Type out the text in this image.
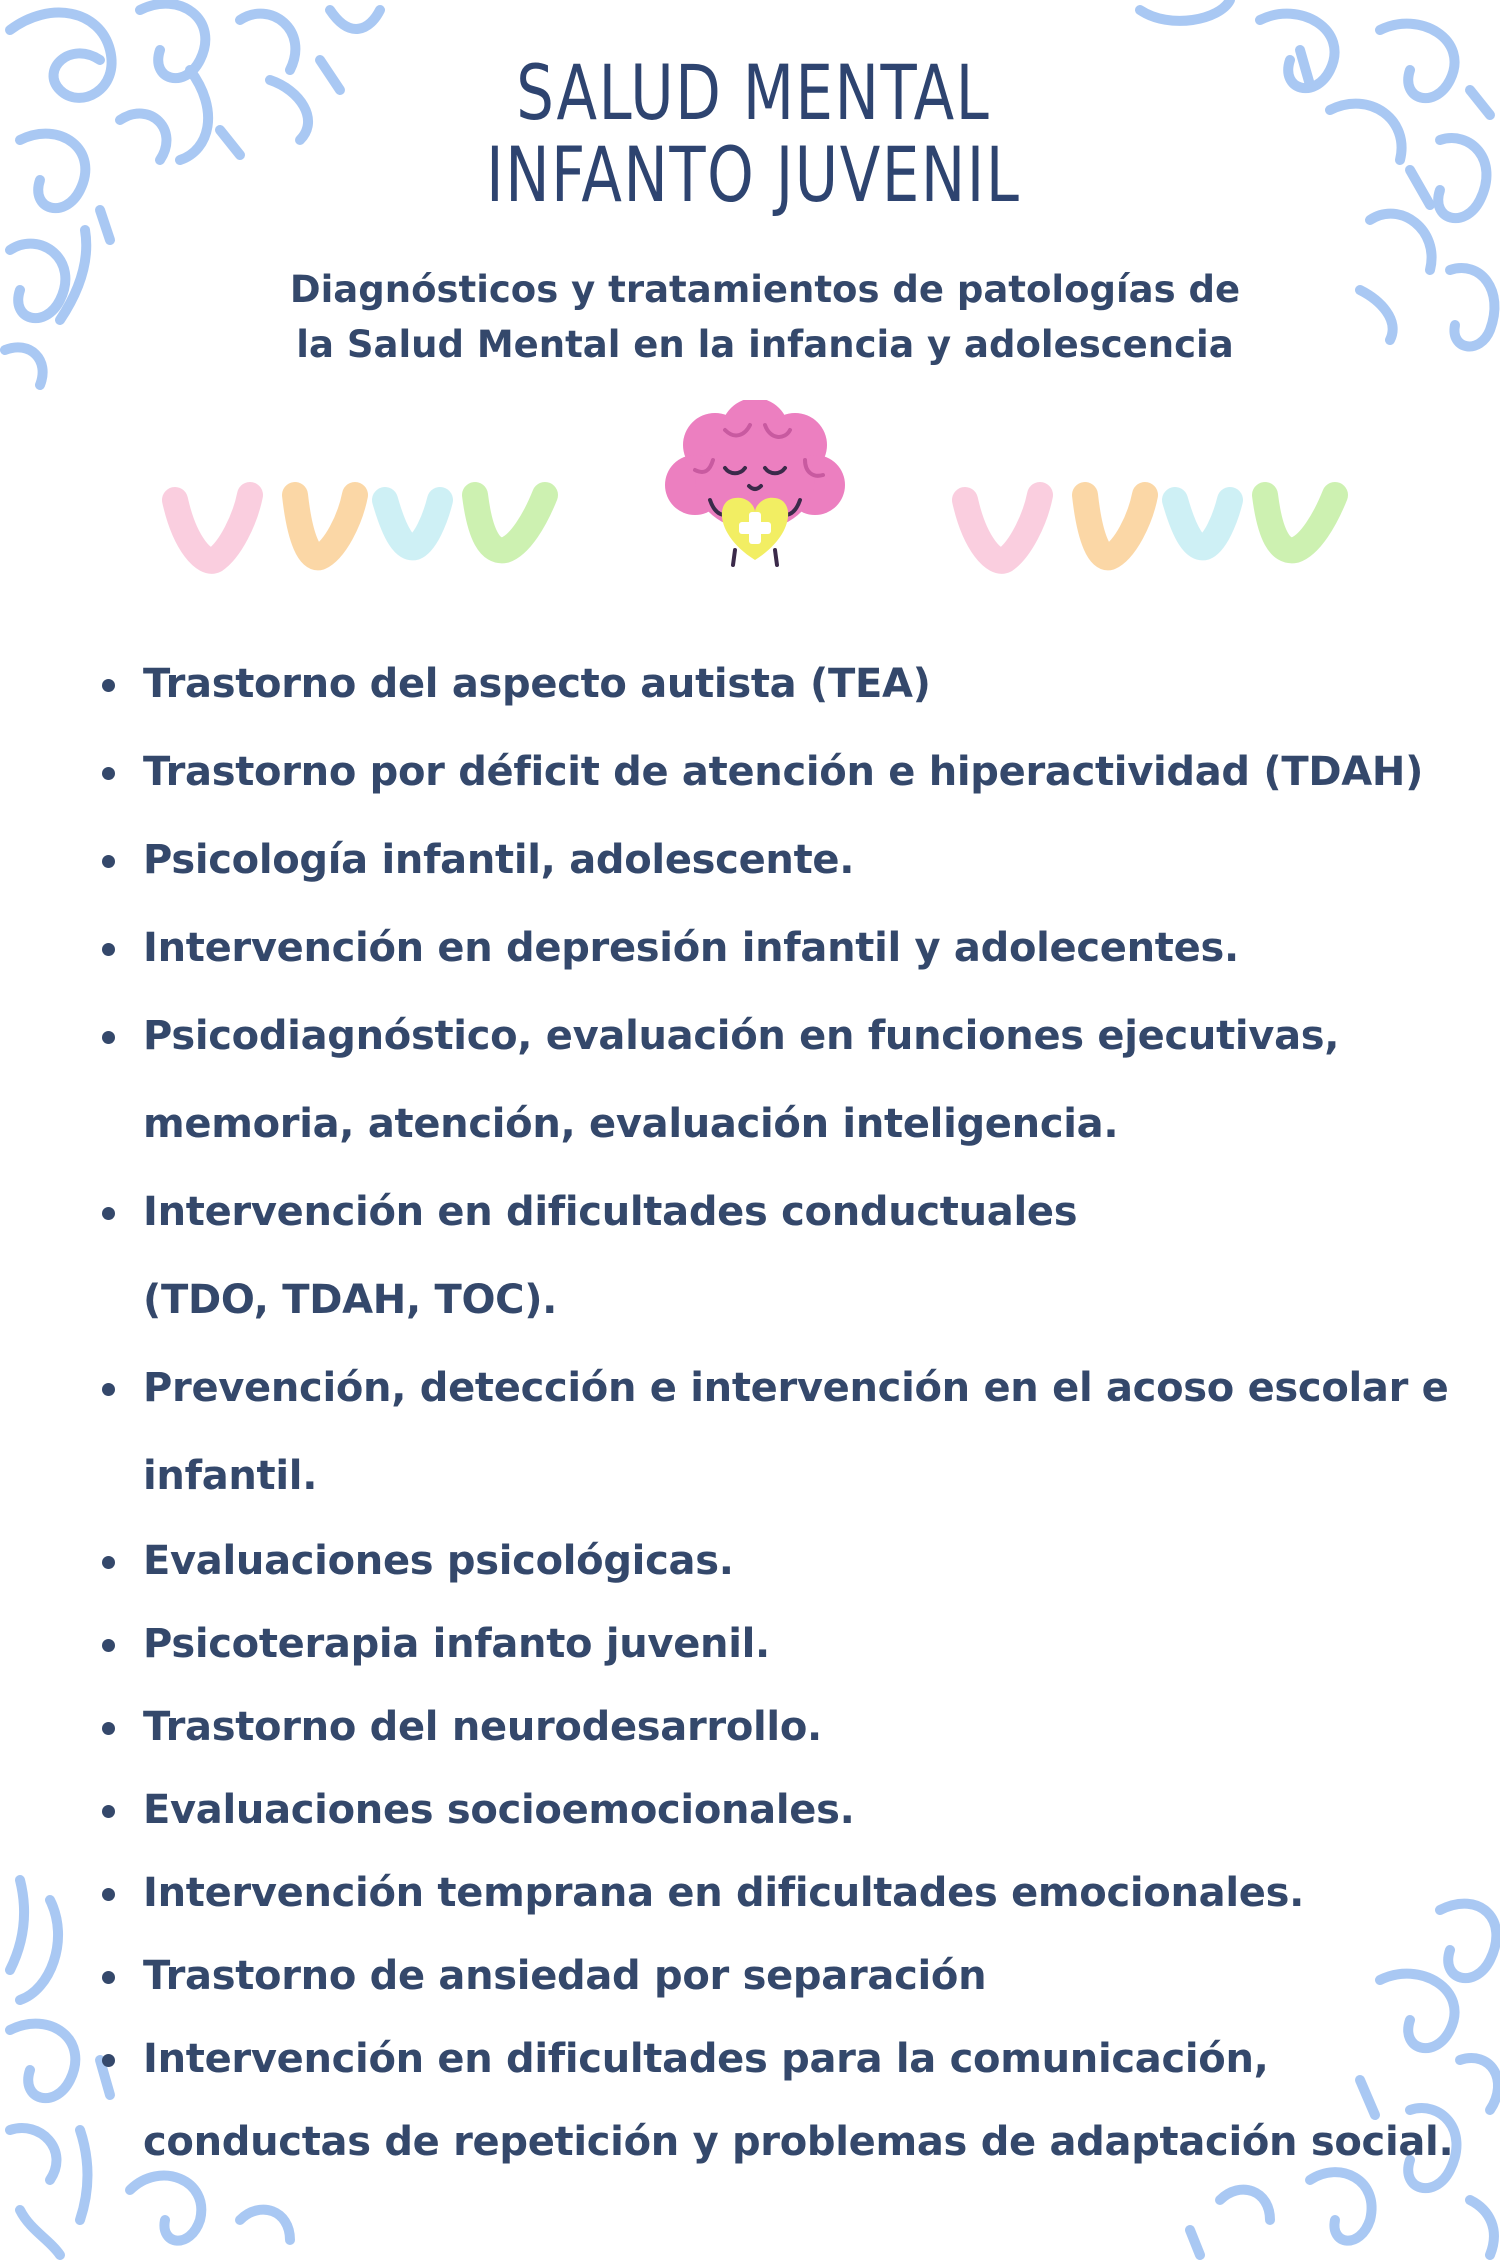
SALUD MENTAL
INFANTO JUVENIL

Diagnósticos y tratamientos de patologías de
la Salud Mental en la infancia y adolescencia

Trastorno del aspecto autista (TEA)
Trastorno por déficit de atención e hiperactividad (TDAH)
Psicología infantil, adolescente.
Intervención en depresión infantil y adolecentes.
Psicodiagnóstico, evaluación en funciones ejecutivas,
memoria, atención, evaluación inteligencia.
Intervención en dificultades conductuales
(TDO, TDAH, TOC).
Prevención, detección e intervención en el acoso escolar e
infantil.
Evaluaciones psicológicas.
Psicoterapia infanto juvenil.
Trastorno del neurodesarrollo.
Evaluaciones socioemocionales.
Intervención temprana en dificultades emocionales.
Trastorno de ansiedad por separación
Intervención en dificultades para la comunicación,
conductas de repetición y problemas de adaptación social.
